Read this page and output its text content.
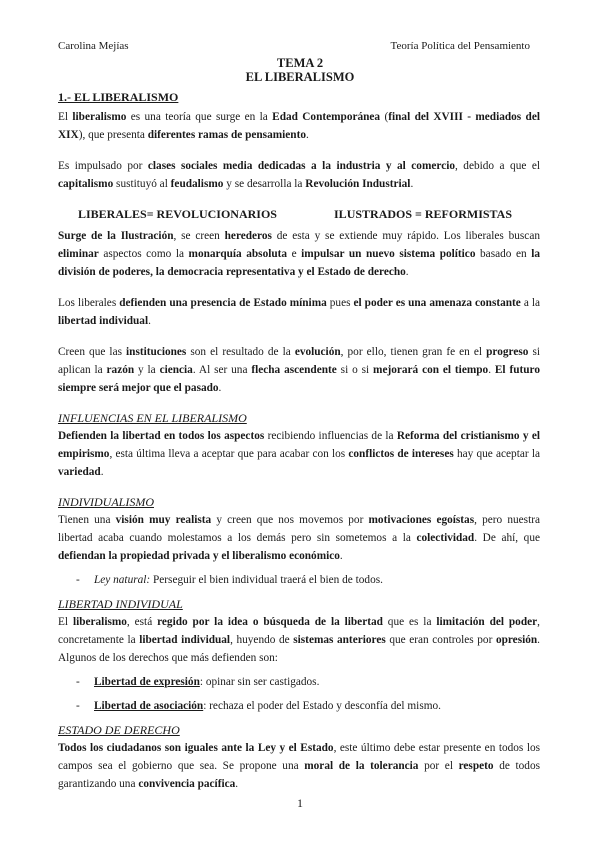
Carolina Mejías	Teoría Política del Pensamiento
TEMA 2
EL LIBERALISMO
1.- EL LIBERALISMO

El liberalismo es una teoría que surge en la Edad Contemporánea (final del XVIII - mediados del XIX), que presenta diferentes ramas de pensamiento.

Es impulsado por clases sociales media dedicadas a la industria y al comercio, debido a que el capitalismo sustituyó al feudalismo y se desarrolla la Revolución Industrial.

LIBERALES= REVOLUCIONARIOS	ILUSTRADOS = REFORMISTAS

Surge de la Ilustración, se creen herederos de esta y se extiende muy rápido. Los liberales buscan eliminar aspectos como la monarquía absoluta e impulsar un nuevo sistema político basado en la división de poderes, la democracia representativa y el Estado de derecho.

Los liberales defienden una presencia de Estado mínima pues el poder es una amenaza constante a la libertad individual.

Creen que las instituciones son el resultado de la evolución, por ello, tienen gran fe en el progreso si aplican la razón y la ciencia. Al ser una flecha ascendente si o si mejorará con el tiempo. El futuro siempre será mejor que el pasado.

INFLUENCIAS EN EL LIBERALISMO

Defienden la libertad en todos los aspectos recibiendo influencias de la Reforma del cristianismo y el empirismo, esta última lleva a aceptar que para acabar con los conflictos de intereses hay que aceptar la variedad.

INDIVIDUALISMO

Tienen una visión muy realista y creen que nos movemos por motivaciones egoístas, pero nuestra libertad acaba cuando molestamos a los demás pero sin sometemos a la colectividad. De ahí, que defiendan la propiedad privada y el liberalismo económico.

- Ley natural: Perseguir el bien individual traerá el bien de todos.
LIBERTAD INDIVIDUAL

El liberalismo, está regido por la idea o búsqueda de la libertad que es la limitación del poder, concretamente la libertad individual, huyendo de sistemas anteriores que eran controles por opresión. Algunos de los derechos que más defienden son:

- Libertad de expresión: opinar sin ser castigados.
- Libertad de asociación: rechaza el poder del Estado y desconfía del mismo.
ESTADO DE DERECHO

Todos los ciudadanos son iguales ante la Ley y el Estado, este último debe estar presente en todos los campos sea el gobierno que sea. Se propone una moral de la tolerancia por el respeto de todos garantizando una convivencia pacífica.

1
